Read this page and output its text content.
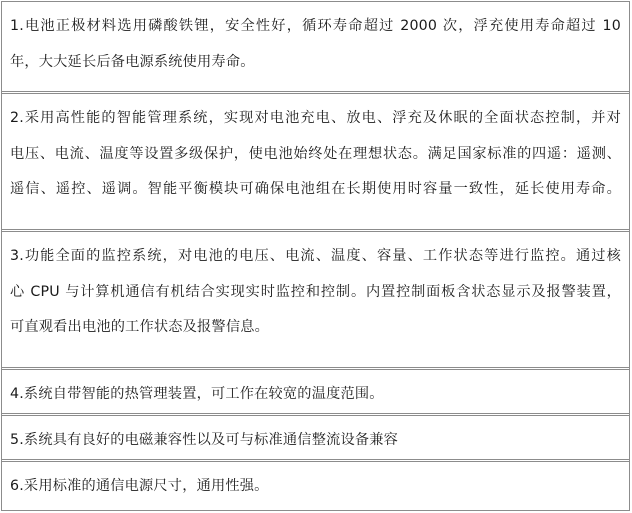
1.电池正极材料选用磷酸铁锂，安全性好，循环寿命超过 2000 次，浮充使用寿命超过 10
年，大大延长后备电源系统使用寿命。
2.采用高性能的智能管理系统，实现对电池充电、放电、浮充及休眠的全面状态控制，并对
电压、电流、温度等设置多级保护，使电池始终处在理想状态。满足国家标准的四遥：遥测、
遥信、遥控、遥调。智能平衡模块可确保电池组在长期使用时容量一致性，延长使用寿命。
3.功能全面的监控系统，对电池的电压、电流、温度、容量、工作状态等进行监控。通过核
心 CPU 与计算机通信有机结合实现实时监控和控制。内置控制面板含状态显示及报警装置，
可直观看出电池的工作状态及报警信息。
4.系统自带智能的热管理装置，可工作在较宽的温度范围。
5.系统具有良好的电磁兼容性以及可与标准通信整流设备兼容
6.采用标准的通信电源尺寸，通用性强。
